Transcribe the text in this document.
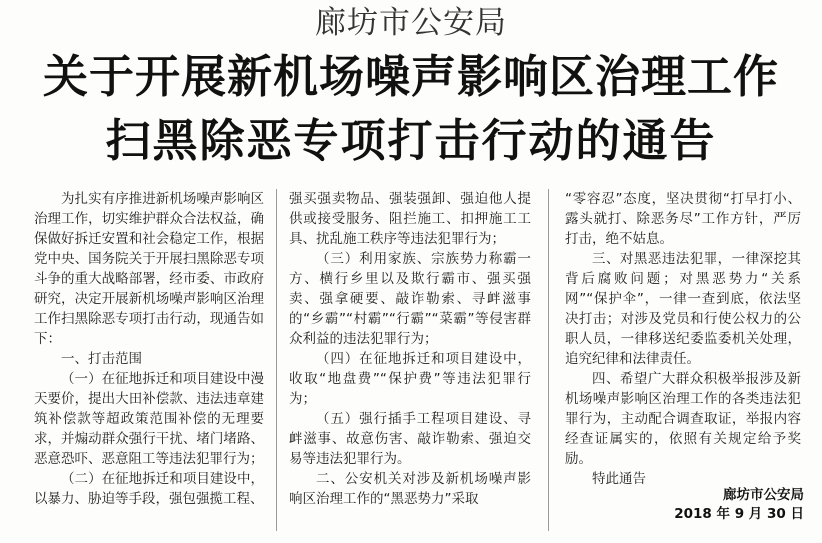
廊坊市公安局
关于开展新机场噪声影响区治理工作
扫黑除恶专项打击行动的通告

为扎实有序推进新机场噪声影响区治理工作，切实维护群众合法权益，确保做好拆迁安置和社会稳定工作，根据党中央、国务院关于开展扫黑除恶专项斗争的重大战略部署，经市委、市政府研究，决定开展新机场噪声影响区治理工作扫黑除恶专项打击行动，现通告如下：

一、打击范围

（一）在征地拆迁和项目建设中漫天要价，提出大田补偿款、违法违章建筑补偿款等超政策范围补偿的无理要求，并煽动群众强行干扰、堵门堵路、恶意恐吓、恶意阻工等违法犯罪行为；

（二）在征地拆迁和项目建设中，以暴力、胁迫等手段，强包强揽工程、

强买强卖物品、强装强卸、强迫他人提供或接受服务、阻拦施工、扣押施工工具、扰乱施工秩序等违法犯罪行为；

（三）利用家族、宗族势力称霸一方、横行乡里以及欺行霸市、强买强卖、强拿硬要、敲诈勒索、寻衅滋事的“乡霸”“村霸”“行霸”“菜霸”等侵害群众利益的违法犯罪行为；

（四）在征地拆迁和项目建设中，收取“地盘费”“保护费”等违法犯罪行为；

（五）强行插手工程项目建设、寻衅滋事、故意伤害、敲诈勒索、强迫交易等违法犯罪行为。

二、公安机关对涉及新机场噪声影响区治理工作的“黑恶势力”采取

“零容忍”态度，坚决贯彻“打早打小、露头就打、除恶务尽”工作方针，严厉打击，绝不姑息。

三、对黑恶违法犯罪，一律深挖其背后腐败问题；对黑恶势力“关系网”“保护伞”，一律一查到底，依法坚决打击；对涉及党员和行使公权力的公职人员，一律移送纪委监委机关处理，追究纪律和法律责任。

四、希望广大群众积极举报涉及新机场噪声影响区治理工作的各类违法犯罪行为，主动配合调查取证，举报内容经查证属实的，依照有关规定给予奖励。

特此通告

廊坊市公安局
2018 年 9 月 30 日
